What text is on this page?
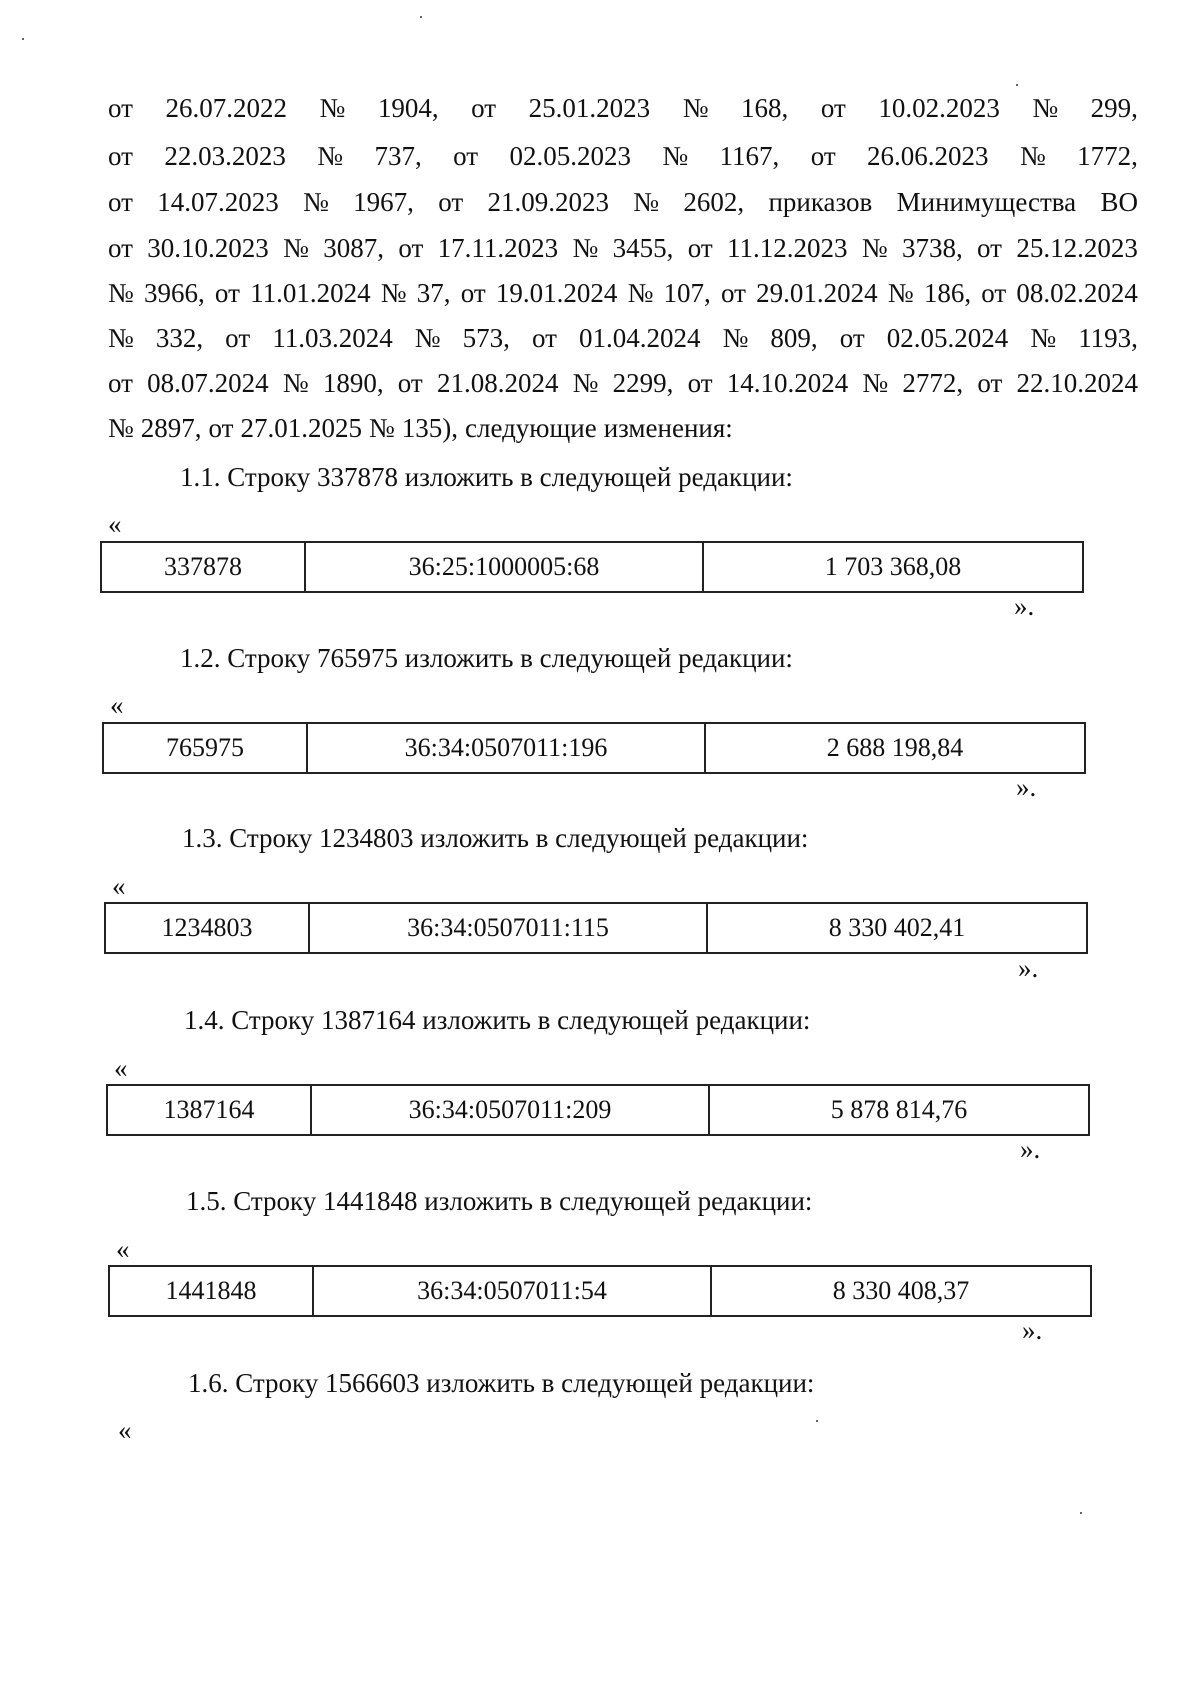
от 26.07.2022 № 1904, от 25.01.2023 № 168, от 10.02.2023 № 299,
от 22.03.2023 № 737, от 02.05.2023 № 1167, от 26.06.2023 № 1772,
от 14.07.2023 № 1967, от 21.09.2023 № 2602, приказов Минимущества ВО
от 30.10.2023 № 3087, от 17.11.2023 № 3455, от 11.12.2023 № 3738, от 25.12.2023
№ 3966, от 11.01.2024 № 37, от 19.01.2024 № 107, от 29.01.2024 № 186, от 08.02.2024
№ 332, от 11.03.2024 № 573, от 01.04.2024 № 809, от 02.05.2024 № 1193,
от 08.07.2024 № 1890, от 21.08.2024 № 2299, от 14.10.2024 № 2772, от 22.10.2024
№ 2897, от 27.01.2025 № 135), следующие изменения:
1.1. Строку 337878 изложить в следующей редакции:
«
337878	36:25:1000005:68	1 703 368,08
».
1.2. Строку 765975 изложить в следующей редакции:
«
765975	36:34:0507011:196	2 688 198,84
».
1.3. Строку 1234803 изложить в следующей редакции:
«
1234803	36:34:0507011:115	8 330 402,41
».
1.4. Строку 1387164 изложить в следующей редакции:
«
1387164	36:34:0507011:209	5 878 814,76
».
1.5. Строку 1441848 изложить в следующей редакции:
«
1441848	36:34:0507011:54	8 330 408,37
».
1.6. Строку 1566603 изложить в следующей редакции:
«
